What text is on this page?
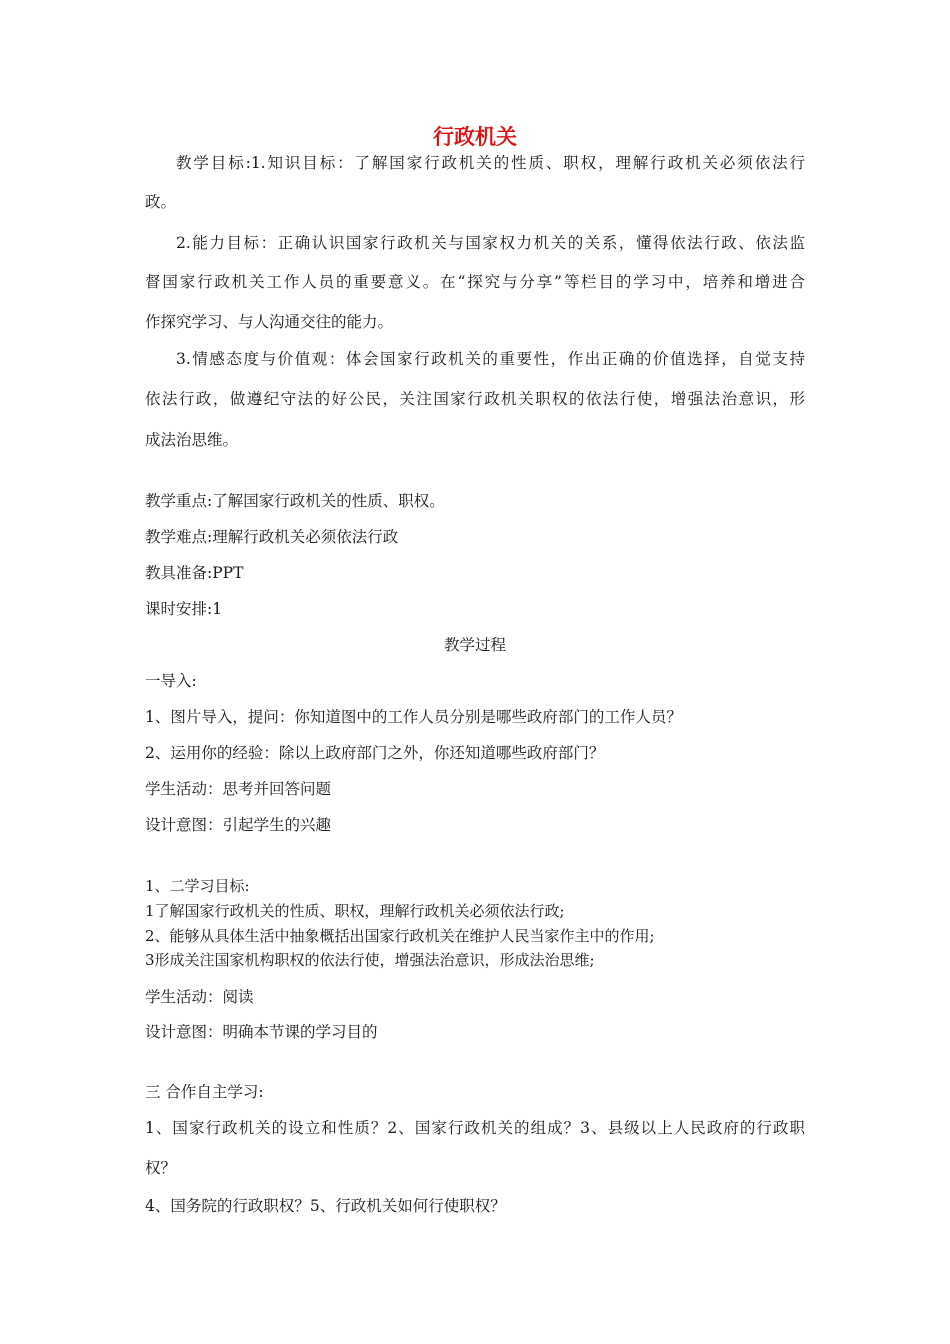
行政机关
教学目标:1.知识目标：了解国家行政机关的性质、职权，理解行政机关必须依法行
政。
2.能力目标：正确认识国家行政机关与国家权力机关的关系，懂得依法行政、依法监
督国家行政机关工作人员的重要意义。在“探究与分享”等栏目的学习中，培养和增进合
作探究学习、与人沟通交往的能力。
3.情感态度与价值观：体会国家行政机关的重要性，作出正确的价值选择，自觉支持
依法行政，做遵纪守法的好公民，关注国家行政机关职权的依法行使，增强法治意识，形
成法治思维。
教学重点:了解国家行政机关的性质、职权。
教学难点:理解行政机关必须依法行政
教具准备:PPT
课时安排:1
教学过程
一导入:
1、图片导入，提问：你知道图中的工作人员分别是哪些政府部门的工作人员？
2、运用你的经验：除以上政府部门之外，你还知道哪些政府部门？
学生活动：思考并回答问题
设计意图：引起学生的兴趣
1、二学习目标:
1了解国家行政机关的性质、职权，理解行政机关必须依法行政;
2、能够从具体生活中抽象概括出国家行政机关在维护人民当家作主中的作用;
3形成关注国家机构职权的依法行使，增强法治意识，形成法治思维;
学生活动：阅读
设计意图：明确本节课的学习目的
三 合作自主学习:
1、国家行政机关的设立和性质？2、国家行政机关的组成？3、县级以上人民政府的行政职
权？
4、国务院的行政职权？5、行政机关如何行使职权？
